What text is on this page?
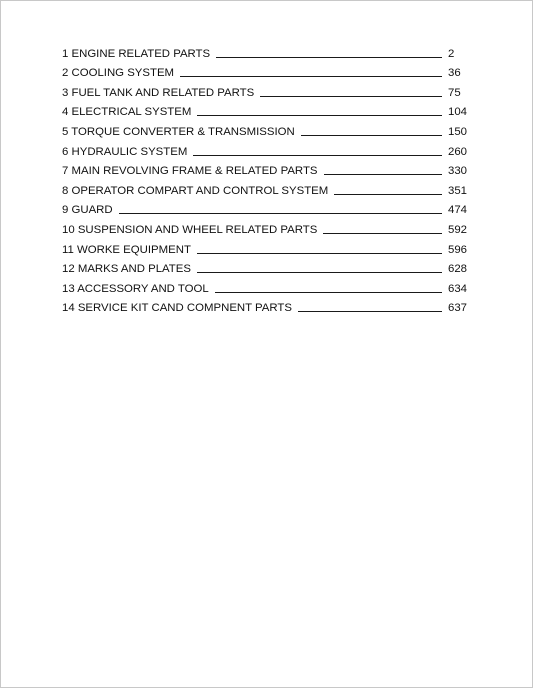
1 ENGINE RELATED PARTS	2
2 COOLING SYSTEM	36
3 FUEL TANK AND RELATED PARTS	75
4 ELECTRICAL SYSTEM	104
5 TORQUE CONVERTER & TRANSMISSION	150
6 HYDRAULIC SYSTEM	260
7 MAIN REVOLVING FRAME & RELATED PARTS	330
8 OPERATOR COMPART AND CONTROL SYSTEM	351
9 GUARD	474
10 SUSPENSION AND WHEEL RELATED PARTS	592
11 WORKE EQUIPMENT	596
12 MARKS AND PLATES	628
13 ACCESSORY AND TOOL	634
14 SERVICE KIT CAND COMPNENT PARTS	637
